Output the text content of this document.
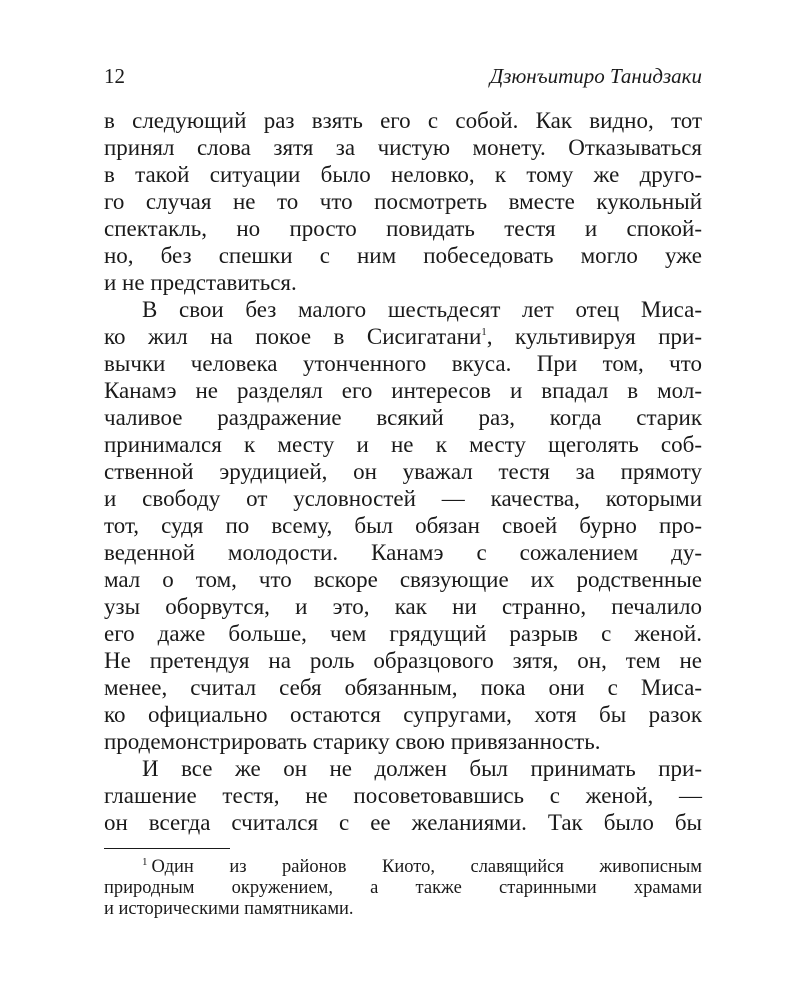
12	Дзюнъитиро Танидзаки
в следующий раз взять его с собой. Как видно, тот
принял слова зятя за чистую монету. Отказываться
в такой ситуации было неловко, к тому же друго-
го случая не то что посмотреть вместе кукольный
спектакль, но просто повидать тестя и спокой-
но, без спешки с ним побеседовать могло уже
и не представиться.
В свои без малого шестьдесят лет отец Миса-
ко жил на покое в Сисигатани$^1$, культивируя при-
вычки человека утонченного вкуса. При том, что
Канамэ не разделял его интересов и впадал в мол-
чаливое раздражение всякий раз, когда старик
принимался к месту и не к месту щеголять соб-
ственной эрудицией, он уважал тестя за прямоту
и свободу от условностей — качества, которыми
тот, судя по всему, был обязан своей бурно про-
веденной молодости. Канамэ с сожалением ду-
мал о том, что вскоре связующие их родственные
узы оборвутся, и это, как ни странно, печалило
его даже больше, чем грядущий разрыв с женой.
Не претендуя на роль образцового зятя, он, тем не
менее, считал себя обязанным, пока они с Миса-
ко официально остаются супругами, хотя бы разок
продемонстрировать старику свою привязанность.
И все же он не должен был принимать при-
глашение тестя, не посоветовавшись с женой, —
он всегда считался с ее желаниями. Так было бы
$^1$ Один из районов Киото, славящийся живописным
природным окружением, а также старинными храмами
и историческими памятниками.
